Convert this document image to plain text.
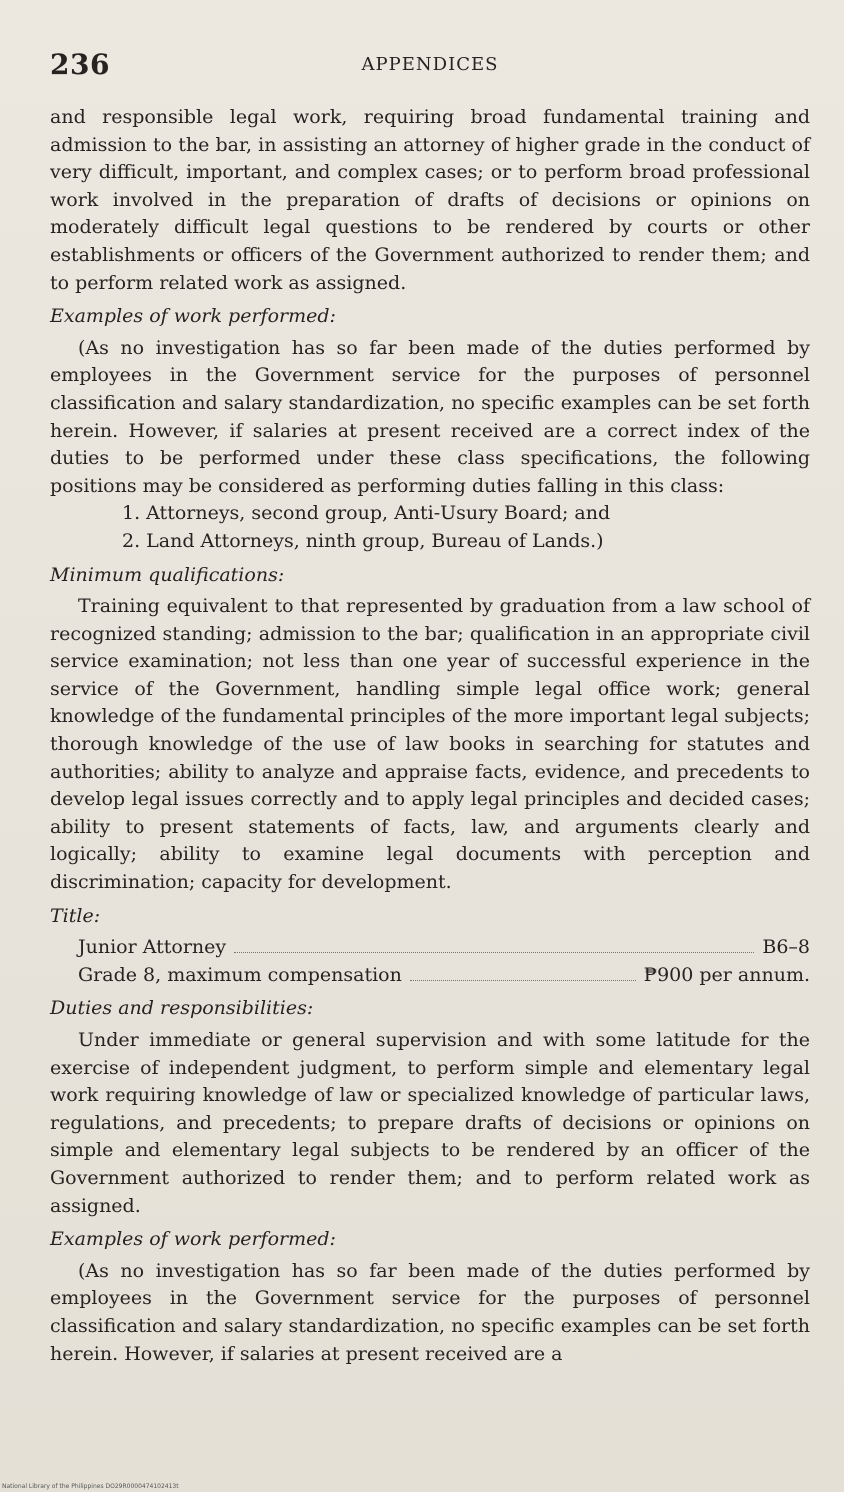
236	APPENDICES

and responsible legal work, requiring broad fundamental training and admission to the bar, in assisting an attorney of higher grade in the conduct of very difficult, important, and complex cases; or to perform broad professional work involved in the preparation of drafts of decisions or opinions on moderately difficult legal questions to be rendered by courts or other establishments or officers of the Government authorized to render them; and to perform related work as assigned.

Examples of work performed:

(As no investigation has so far been made of the duties performed by employees in the Government service for the purposes of personnel classification and salary standardization, no specific examples can be set forth herein. However, if salaries at present received are a correct index of the duties to be performed under these class specifications, the following positions may be considered as performing duties falling in this class:

1. Attorneys, second group, Anti-Usury Board; and
2. Land Attorneys, ninth group, Bureau of Lands.)

Minimum qualifications:

Training equivalent to that represented by graduation from a law school of recognized standing; admission to the bar; qualification in an appropriate civil service examination; not less than one year of successful experience in the service of the Government, handling simple legal office work; general knowledge of the fundamental principles of the more important legal subjects; thorough knowledge of the use of law books in searching for statutes and authorities; ability to analyze and appraise facts, evidence, and precedents to develop legal issues correctly and to apply legal principles and decided cases; ability to present statements of facts, law, and arguments clearly and logically; ability to examine legal documents with perception and discrimination; capacity for development.

Title:

Junior Attorney	B6–8
Grade 8, maximum compensation	₱900 per annum.

Duties and responsibilities:

Under immediate or general supervision and with some latitude for the exercise of independent judgment, to perform simple and elementary legal work requiring knowledge of law or specialized knowledge of particular laws, regulations, and precedents; to prepare drafts of decisions or opinions on simple and elementary legal subjects to be rendered by an officer of the Government authorized to render them; and to perform related work as assigned.

Examples of work performed:

(As no investigation has so far been made of the duties performed by employees in the Government service for the purposes of personnel classification and salary standardization, no specific examples can be set forth herein. However, if salaries at present received are a

National Library of the Philippines DO29R0000474102413t
